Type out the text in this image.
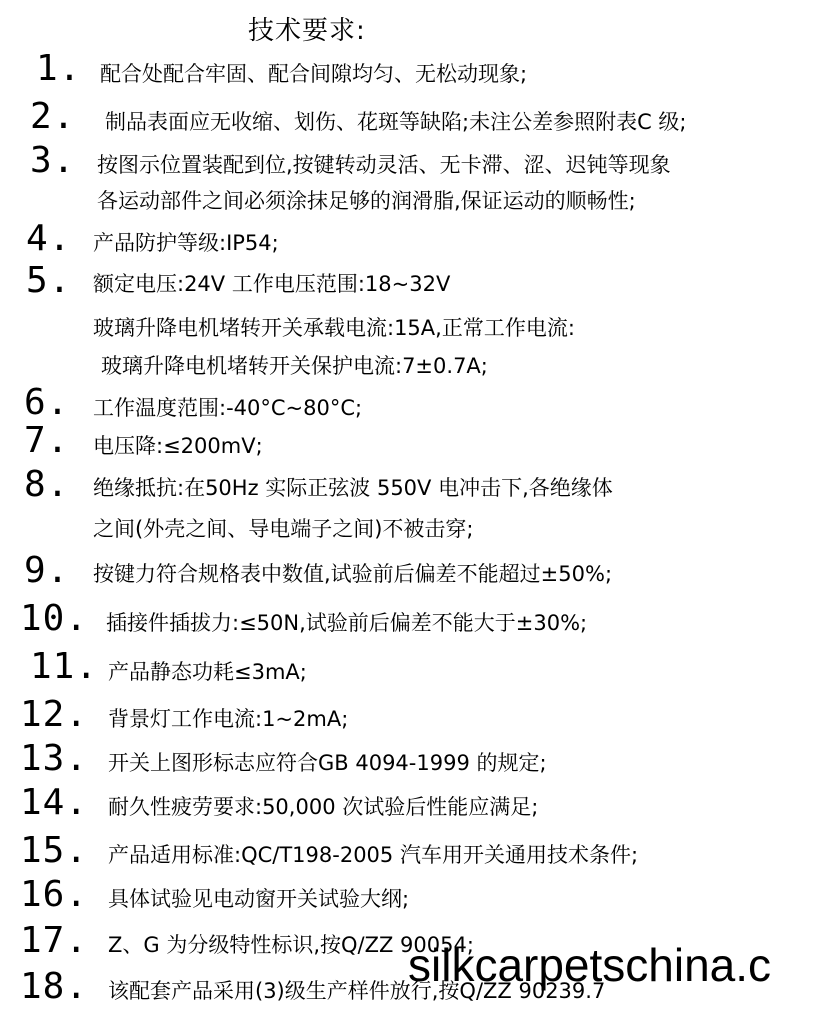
技术要求:
1. 配合处配合牢固、配合间隙均匀、无松动现象;
2. 制品表面应无收缩、划伤、花斑等缺陷;未注公差参照附表C 级;
3. 按图示位置装配到位,按键转动灵活、无卡滞、涩、迟钝等现象
各运动部件之间必须涂抹足够的润滑脂,保证运动的顺畅性;
4. 产品防护等级:IP54;
5. 额定电压:24V 工作电压范围:18~32V
玻璃升降电机堵转开关承载电流:15A,正常工作电流:
玻璃升降电机堵转开关保护电流:7±0.7A;
6. 工作温度范围:-40°C~80°C;
7. 电压降:≤200mV;
8. 绝缘抵抗:在50Hz 实际正弦波 550V 电冲击下,各绝缘体
之间(外壳之间、导电端子之间)不被击穿;
9. 按键力符合规格表中数值,试验前后偏差不能超过±50%;
10. 插接件插拔力:≤50N,试验前后偏差不能大于±30%;
11. 产品静态功耗≤3mA;
12. 背景灯工作电流:1~2mA;
13. 开关上图形标志应符合GB 4094-1999 的规定;
14. 耐久性疲劳要求:50,000 次试验后性能应满足;
15. 产品适用标准:QC/T198-2005 汽车用开关通用技术条件;
16. 具体试验见电动窗开关试验大纲;
17. Z、G 为分级特性标识,按Q/ZZ 90054;
18. 该配套产品采用(3)级生产样件放行,按Q/ZZ 90239.7
silkcarpetschina.c
